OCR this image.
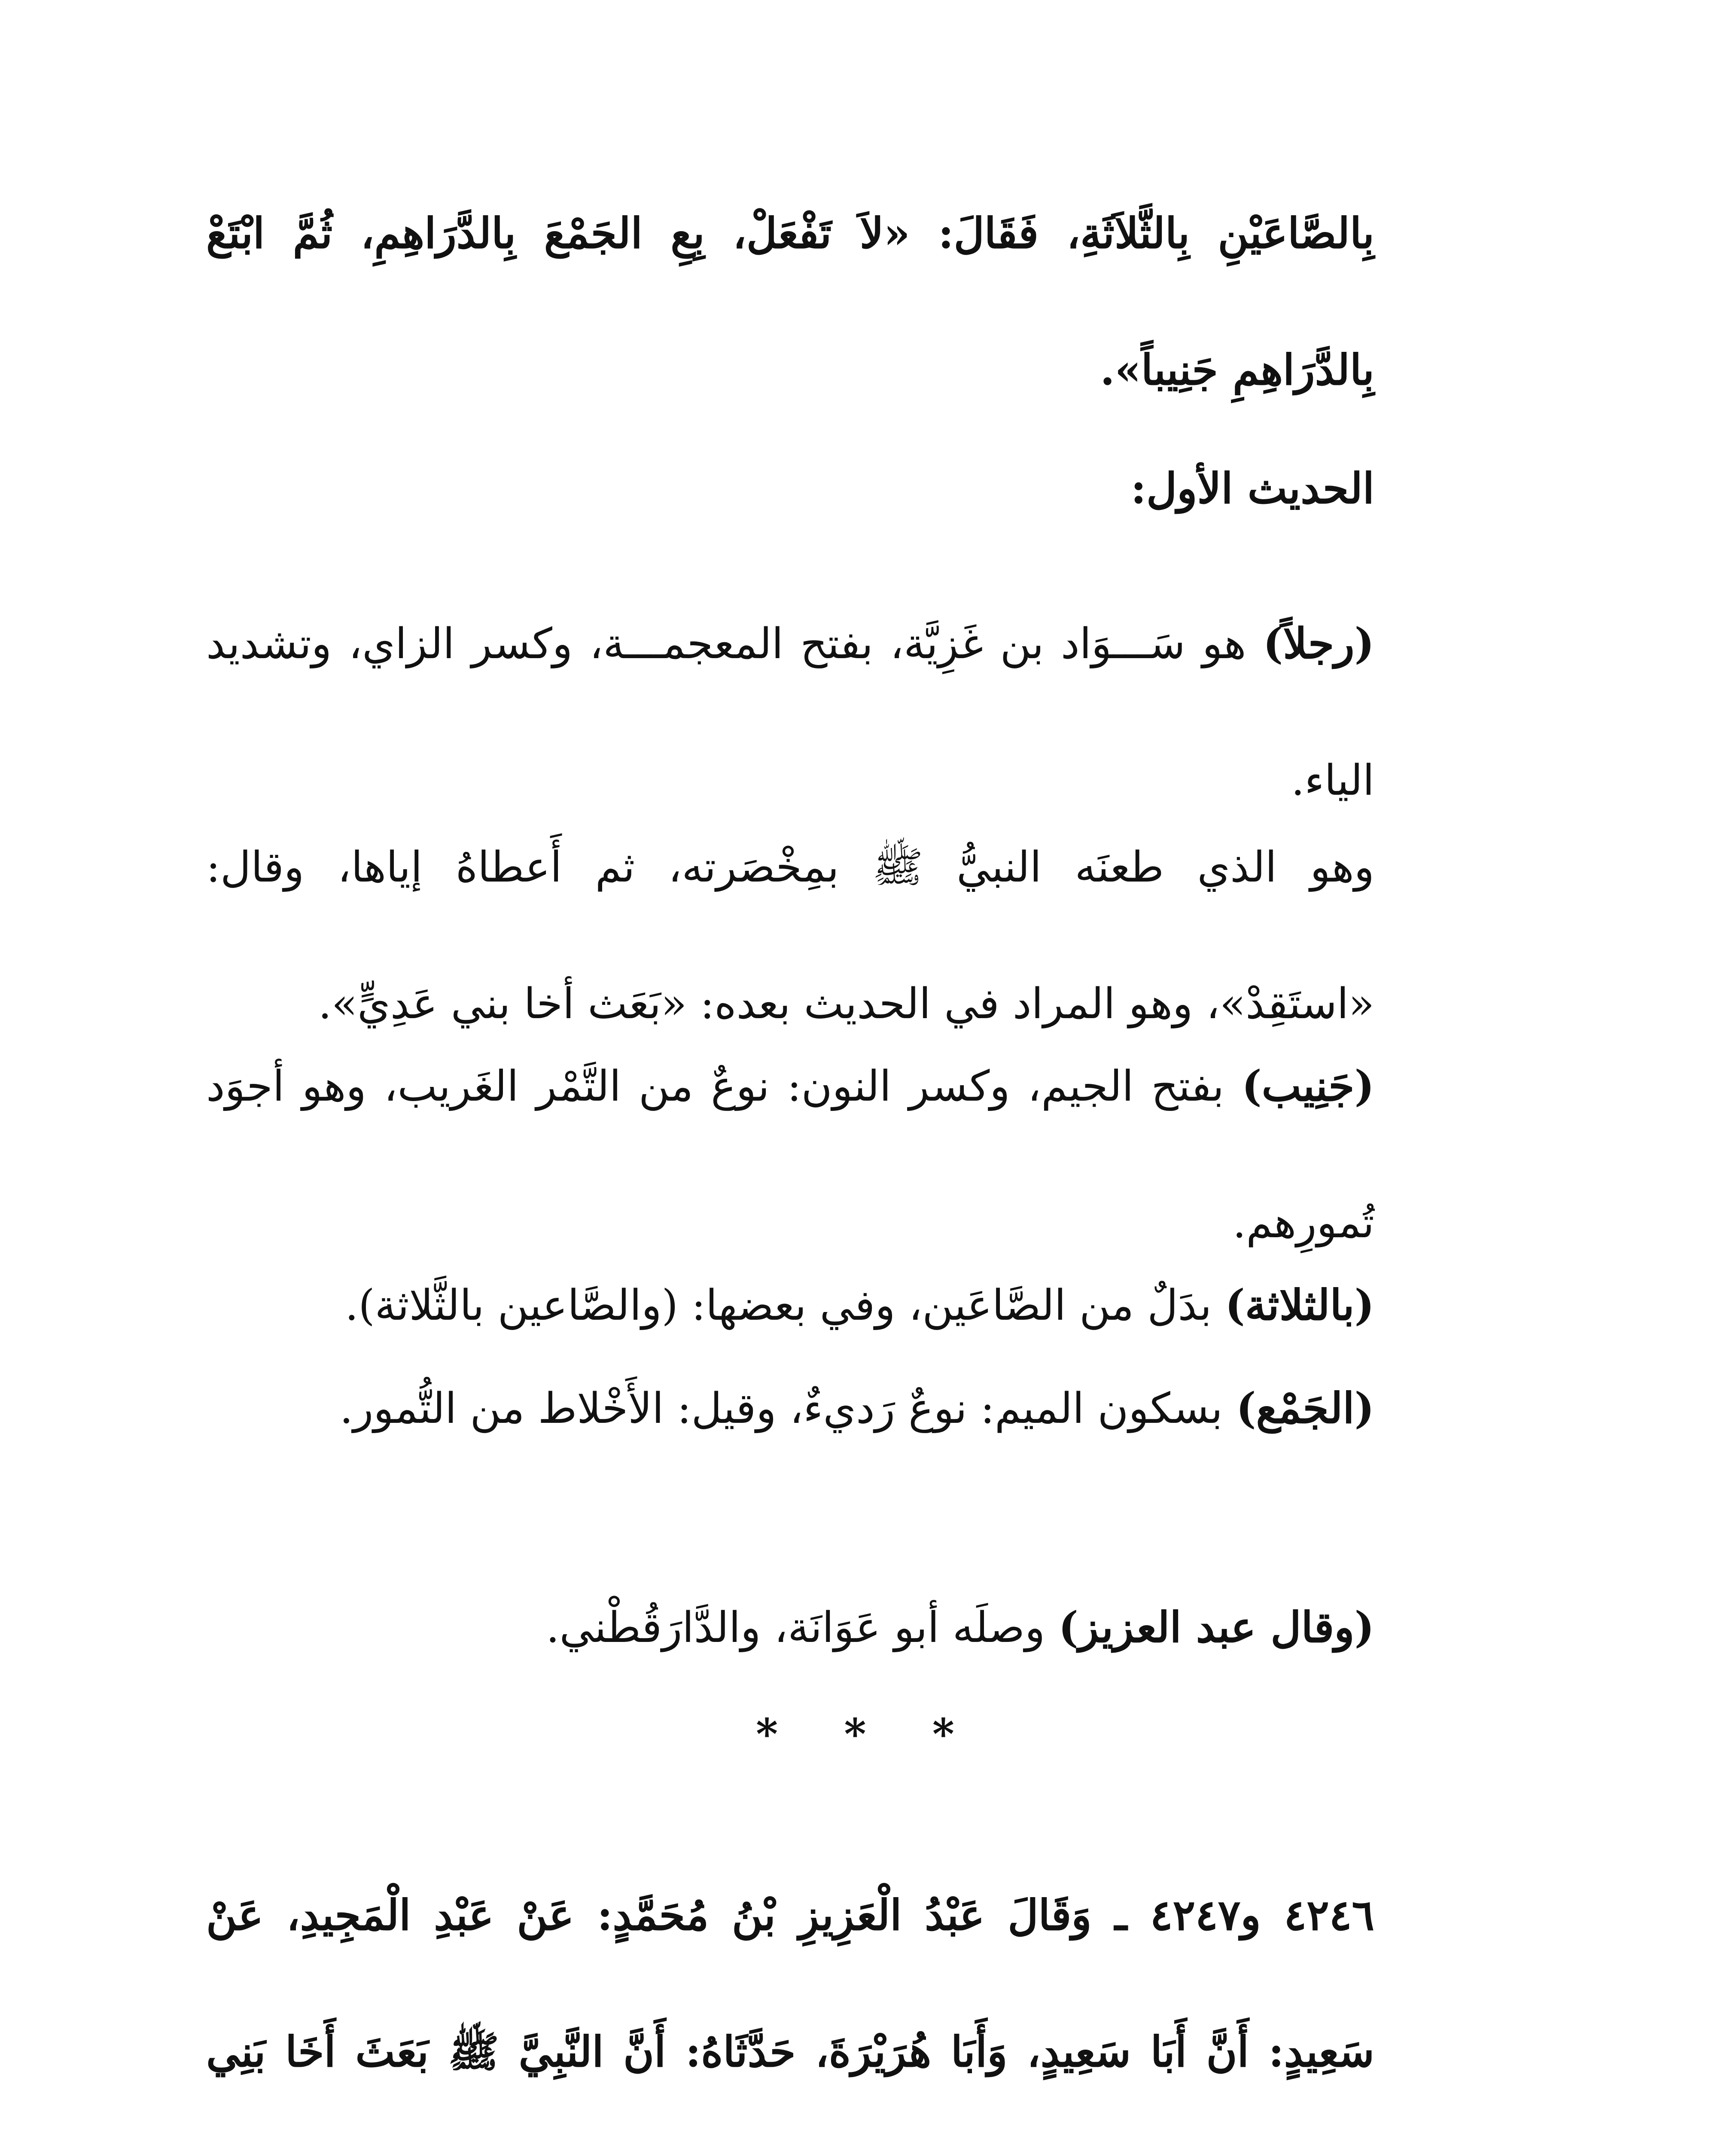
بِالصَّاعَيْنِ بِالثَّلاَثَةِ، فَقَالَ: «لاَ تَفْعَلْ، بِعِ الجَمْعَ بِالدَّرَاهِمِ، ثُمَّ ابْتَعْ بِالدَّرَاهِمِ جَنِيباً».

الحديث الأول:

(رجلاً) هو سَـــوَاد بن غَزِيَّة، بفتح المعجمـــة، وكسر الزاي، وتشديد الياء.

وهو الذي طعنَه النبيُّ ﷺ بمِخْصَرته، ثم أَعطاهُ إياها، وقال: «استَقِدْ»، وهو المراد في الحديث بعده: «بَعَث أخا بني عَدِيٍّ».

(جَنِيب) بفتح الجيم، وكسر النون: نوعٌ من التَّمْر الغَريب، وهو أجوَد تُمورِهم.

(بالثلاثة) بدَلٌ من الصَّاعَين، وفي بعضها: (والصَّاعين بالثَّلاثة).

(الجَمْع) بسكون الميم: نوعٌ رَديءٌ، وقيل: الأَخْلاط من التُّمور.

(وقال عبد العزيز) وصلَه أبو عَوَانَة، والدَّارَقُطْني.

* * *

٤٢٤٦ و٤٢٤٧ ـ وَقَالَ عَبْدُ الْعَزِيزِ بْنُ مُحَمَّدٍ: عَنْ عَبْدِ الْمَجِيدِ، عَنْ سَعِيدٍ: أَنَّ أَبَا سَعِيدٍ، وَأَبَا هُرَيْرَةَ، حَدَّثَاهُ: أَنَّ النَّبِيَّ ﷺ بَعَثَ أَخَا بَنِي
